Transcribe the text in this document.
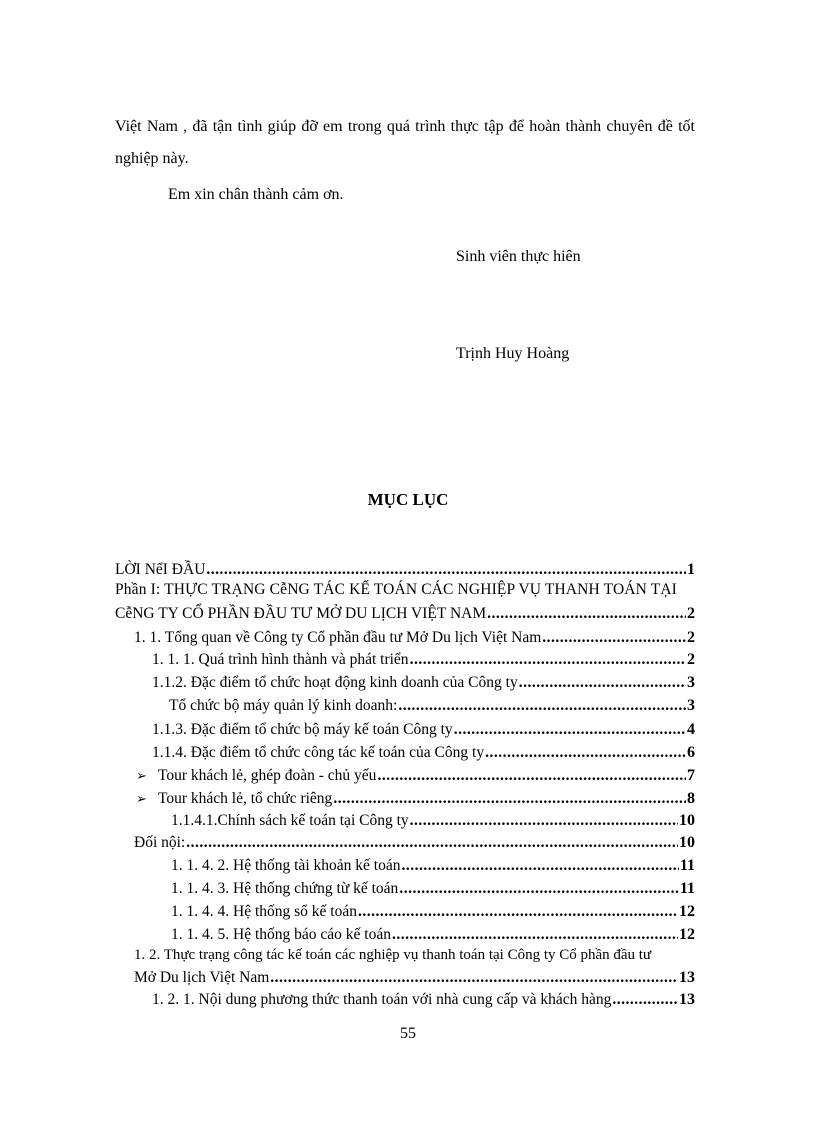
Việt Nam , đã tận tình giúp đỡ em trong quá trình thực tập để hoàn thành chuyên đề tốt nghiệp này.
Em xin chân thành cảm ơn.
Sinh viên thực hiên
Trịnh Huy Hoàng
MỤC LỤC
LỜI NểI ĐẦU .....	1
Phần I: THỰC TRẠNG CễNG TÁC KẾ TOÁN CÁC NGHIỆP VỤ THANH TOÁN TẠI
CễNG TY CỔ PHẦN ĐẦU TƯ MỞ DU LỊCH VIỆT NAM .....	2
1. 1. Tổng quan về Công ty Cổ phần đầu tư Mở Du lịch Việt Nam .....	2
1. 1. 1. Quá trình hình thành và phát triển .....	2
1.1.2. Đặc điểm tổ chức hoạt động kinh doanh của Công ty .....	3
Tổ chức bộ máy quản lý kinh doanh: .....	3
1.1.3. Đặc điểm tổ chức bộ máy kế toán Công ty .....	4
1.1.4. Đặc điểm tổ chức công tác kế toán của Công ty .....	6
➢ Tour khách lẻ, ghép đoàn - chủ yếu .....	7
➢ Tour khách lẻ, tổ chức riêng .....	8
1.1.4.1.Chính sách kế toán tại Công ty .....	10
Đối nội: .....	10
1. 1. 4. 2. Hệ thống tài khoản kế toán .....	11
1. 1. 4. 3. Hệ thống chứng từ kế toán .....	11
1. 1. 4. 4. Hệ thống sổ kế toán .....	12
1. 1. 4. 5. Hệ thống báo cáo kế toán .....	12
1. 2. Thực trạng công tác kế toán các nghiệp vụ thanh toán tại Công ty Cổ phần đầu tư
Mở Du lịch Việt Nam .....	13
1. 2. 1. Nội dung phương thức thanh toán với nhà cung cấp và khách hàng .....	13
55
